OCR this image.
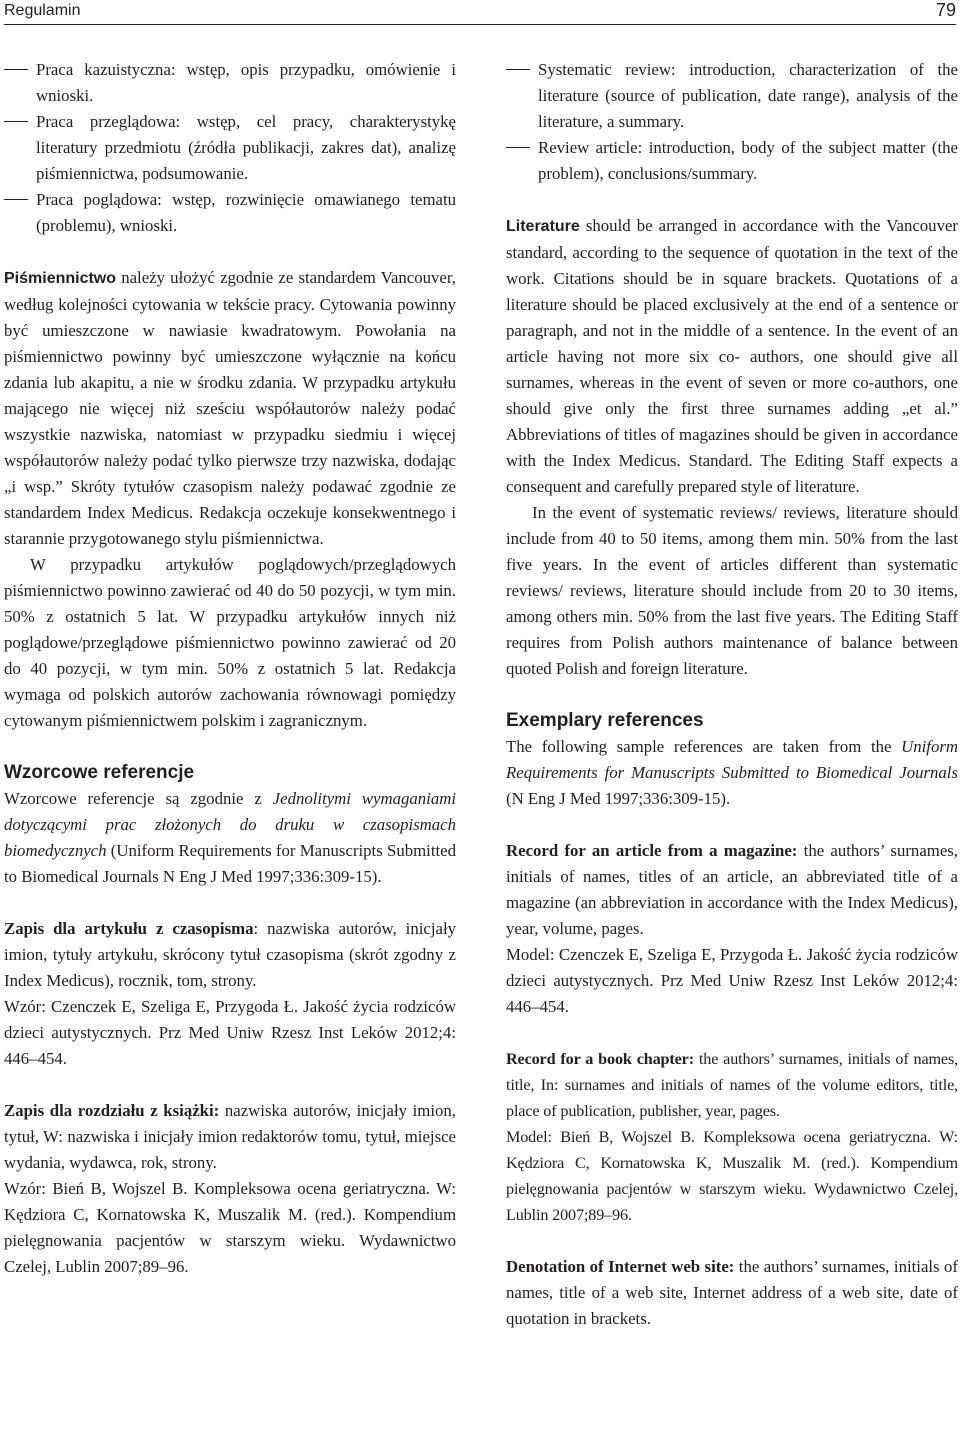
Regulamin	79

Praca kazuistyczna: wstęp, opis przypadku, omówienie i wnioski.

Praca przeglądowa: wstęp, cel pracy, charakterystykę literatury przedmiotu (źródła publikacji, zakres dat), analizę piśmiennictwa, podsumowanie.

Praca poglądowa: wstęp, rozwinięcie omawianego tematu (problemu), wnioski.

Piśmiennictwo należy ułożyć zgodnie ze standardem Vancouver, według kolejności cytowania w tekście pracy. Cytowania powinny być umieszczone w nawiasie kwadratowym. Powołania na piśmiennictwo powinny być umieszczone wyłącznie na końcu zdania lub akapitu, a nie w środku zdania. W przypadku artykułu mającego nie więcej niż sześciu współautorów należy podać wszystkie nazwiska, natomiast w przypadku siedmiu i więcej współautorów należy podać tylko pierwsze trzy nazwiska, dodając „i wsp.” Skróty tytułów czasopism należy podawać zgodnie ze standardem Index Medicus. Redakcja oczekuje konsekwentnego i starannie przygotowanego stylu piśmiennictwa.

W przypadku artykułów poglądowych/przeglądowych piśmiennictwo powinno zawierać od 40 do 50 pozycji, w tym min. 50% z ostatnich 5 lat. W przypadku artykułów innych niż poglądowe/przeglądowe piśmiennictwo powinno zawierać od 20 do 40 pozycji, w tym min. 50% z ostatnich 5 lat. Redakcja wymaga od polskich autorów zachowania równowagi pomiędzy cytowanym piśmiennictwem polskim i zagranicznym.

Wzorcowe referencje

Wzorcowe referencje są zgodnie z Jednolitymi wymaganiami dotyczącymi prac złożonych do druku w czasopismach biomedycznych (Uniform Requirements for Manuscripts Submitted to Biomedical Journals N Eng J Med 1997;336:309-15).

Zapis dla artykułu z czasopisma: nazwiska autorów, inicjały imion, tytuły artykułu, skrócony tytuł czasopisma (skrót zgodny z Index Medicus), rocznik, tom, strony.

Wzór: Czenczek E, Szeliga E, Przygoda Ł. Jakość życia rodziców dzieci autystycznych. Prz Med Uniw Rzesz Inst Leków 2012;4: 446–454.

Zapis dla rozdziału z książki: nazwiska autorów, inicjały imion, tytuł, W: nazwiska i inicjały imion redaktorów tomu, tytuł, miejsce wydania, wydawca, rok, strony.

Wzór: Bień B, Wojszel B. Kompleksowa ocena geriatryczna. W: Kędziora C, Kornatowska K, Muszalik M. (red.). Kompendium pielęgnowania pacjentów w starszym wieku. Wydawnictwo Czelej, Lublin 2007;89–96.

Systematic review: introduction, characterization of the literature (source of publication, date range), analysis of the literature, a summary.

Review article: introduction, body of the subject matter (the problem), conclusions/summary.

Literature should be arranged in accordance with the Vancouver standard, according to the sequence of quotation in the text of the work. Citations should be in square brackets. Quotations of a literature should be placed exclusively at the end of a sentence or paragraph, and not in the middle of a sentence. In the event of an article having not more six co- authors, one should give all surnames, whereas in the event of seven or more co-authors, one should give only the first three surnames adding „et al.” Abbreviations of titles of magazines should be given in accordance with the Index Medicus. Standard. The Editing Staff expects a consequent and carefully prepared style of literature.

In the event of systematic reviews/ reviews, literature should include from 40 to 50 items, among them min. 50% from the last five years. In the event of articles different than systematic reviews/ reviews, literature should include from 20 to 30 items, among others min. 50% from the last five years. The Editing Staff requires from Polish authors maintenance of balance between quoted Polish and foreign literature.

Exemplary references

The following sample references are taken from the Uniform Requirements for Manuscripts Submitted to Biomedical Journals (N Eng J Med 1997;336:309-15).

Record for an article from a magazine: the authors’ surnames, initials of names, titles of an article, an abbreviated title of a magazine (an abbreviation in accordance with the Index Medicus), year, volume, pages.

Model: Czenczek E, Szeliga E, Przygoda Ł. Jakość życia rodziców dzieci autystycznych. Prz Med Uniw Rzesz Inst Leków 2012;4: 446–454.

Record for a book chapter: the authors’ surnames, initials of names, title, In: surnames and initials of names of the volume editors, title, place of publication, publisher, year, pages.

Model: Bień B, Wojszel B. Kompleksowa ocena geriatryczna. W: Kędziora C, Kornatowska K, Muszalik M. (red.). Kompendium pielęgnowania pacjentów w starszym wieku. Wydawnictwo Czelej, Lublin 2007;89–96.

Denotation of Internet web site: the authors’ surnames, initials of names, title of a web site, Internet address of a web site, date of quotation in brackets.
